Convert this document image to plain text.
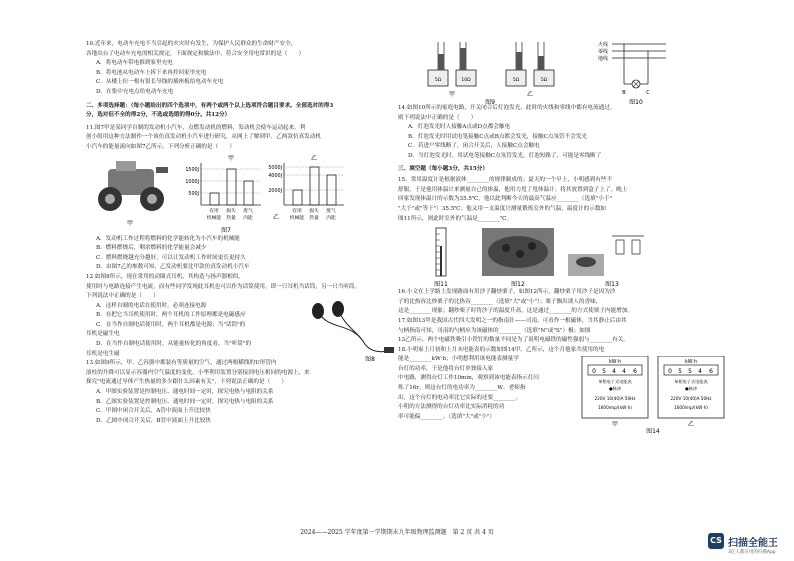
10.近年来，电动车充电不当引起的火灾时有发生，为保护人民群众的生命财产安全，
各地出台了电动车充电的相关规定。下面规定和做法中，符合安全用电常识的是（　　）
A．将电动车带电推到家里充电
B．将电池从电动车上拆下来再拎回家里充电
C．从楼上拉一根有很长导线的插座板给电动车充电
D．在集中充电点给电动车充电
二、多项选择题：（每小题给出的四个选项中，有两个或两个以上选项符合题目要求。全部选对的得3
分，选对但不全的得2分，不选或选错的得0分。共12分）
11.图7甲是某同学自制的发动机小汽车，点燃发动机的燃料，发动机会使车运动起来。利
创小组用这种方法制作一个该仿真发动机小汽车进行研究，从网上了解到甲、乙两款仿真发动机
小汽车的能量流向如图7乙所示。下列分析正确的是（　　）
甲
甲
1500J
1000J
500J
有用 损失 废气
机械能 热量 内能
乙
5000J
4000J
2000J
有用 损失 废气
机械能 热量 内能
乙
图7
A．发动机工作过程将燃料的化学能转化为小汽车的机械能
B．燃料燃烧后，剩余燃料的化学能量会减少
C．燃料燃烧越充分越好，可以让发动机工作时间更长更持久
D．由图7乙的参数可知，乙发动机要比甲款仿真发动机小汽车
12.如图8所示，现在常用的动圈式耳机，其构造与扬声器相似。
使用时与电路连接产生电流，而有些同学发现此耳机也可以作为话筒使用，即一只耳机当话筒，另一只当听筒。
下列说法中正确的是（　　）
A．这样自制的电话在使用时，必须连接电源
B．在把它当耳机使用时，两个耳机的工作原理都是电磁感应
C．在当作自制电话使用时，两个耳机都是电源；当"话筒"的
耳机是磁生电
D．在当作自制电话使用时，从能量转化的角度看，当"听筒"的
耳机是电生磁
图8
13.如图9所示，甲、乙容器中都装有等质量的空气，通过两根横线的U形管内
液柱的升降可以显示容器内空气温度的变化，小华利用装置分别接到电压相同的电源上，来
探究"电流通过导体产生热量的多少跟什么因素有关"，下列说法正确的是（　　）
A．甲图实验装置是控制电压、通电时间一定时，探究电热与电阻的关系
B．乙图实验装置是控制电压、通电时间一定时，探究电热与电阻的关系
C．甲图中闭合开关后，A管中液面上升比较快
D．乙图中闭合开关后，B管中液面上升比较快
5Ω	10Ω
甲
5Ω	5Ω
乙
图9
火线
零线
地线
B	C
图10
14.如图10所示的家庭电路，开关闭合后灯泡发光，此时的火线和零线中都有电流通过。
则下列说法中正确的是（　　）
A．灯泡发光时人接触A点或D点都会触电
B．灯泡发光时用试电笔接触C点或B点都会发光，接触C点氖管不会发光
C．若进户零线断了，闭合开关后，人接触C点会触电
D．当灯泡发光时，用试电笔接触C点氖管发光，灯泡短路了，可能是零线断了
三、填空题（每小题3分，共15分）
15．常用温度计是根据液体________的规律制成的；夏天的一个早上，小明感到有些不
舒服，于是他用体温计来测量自己的体温，他用力甩了甩体温计；将其放置到盒子上了。晚上
回家发现体温计的示数为35.5℃，他以此判断今天的最高气温应________（选填"小于"
"大于"或"等于"）35.5℃；他又用一支温度计测量锻炼室外的气温，温度计的示数如
图11所示，则此时室外的气温是________℃。
图11	图12	图13
16.小文在上学路上发现路面有用沙子翻炒栗子，如图12所示，翻炒栗子用沙子是因为沙
子的比热容比炒栗子的比热容________（选填"大"或"小"）；栗子飘出诱人的香味，
这是________现象；翻炒栗子时将沙子的温度升高，这是通过________的方式使栗子内能增加。
17.如图13甲是我国古代四大发明之一的指南针——司南，可看作一根磁体，当其静止后由其
勺柄指南可知，司南的勺柄应为该磁体的________（选填"N"或"S"）极；如图
13乙所示，两个电磁铁吸引小铁钉的数量不同是为了说明电磁铁的磁性强弱与________有关。
18.小明家上月初和上月末电能表的示数如图14甲、乙所示，这个月他家共使用的电
能是________kW·h；小明想利用该电能表测量学
台灯的功率，于是他将台灯单独接入家
中电路，测得台灯工作10min，观察到该电能表指示灯闪
烁了16r，则这台灯的电功率为________W。老师指
出，这个台灯的电功率比它实际的还要________。
小明的方法测得的台灯功率比实际消耗的功
率可能偏________。（选填"大"或"小"）
kW·h
0 5 4 4 6
单相电子式电能表
●脉冲
220V 10(40)A 50Hz
1600imp/(kW·h)
甲
kW·h
0 5 5 4 6
单相电子式电能表
●脉冲
220V 10(40)A 50Hz
1600imp/(kW·h)
乙
图14
2024——2025 学年度第一学期期末九年级物理监测题　第 2 页 共 4 页
CS 扫描全能王
3亿人都在用的扫描App
